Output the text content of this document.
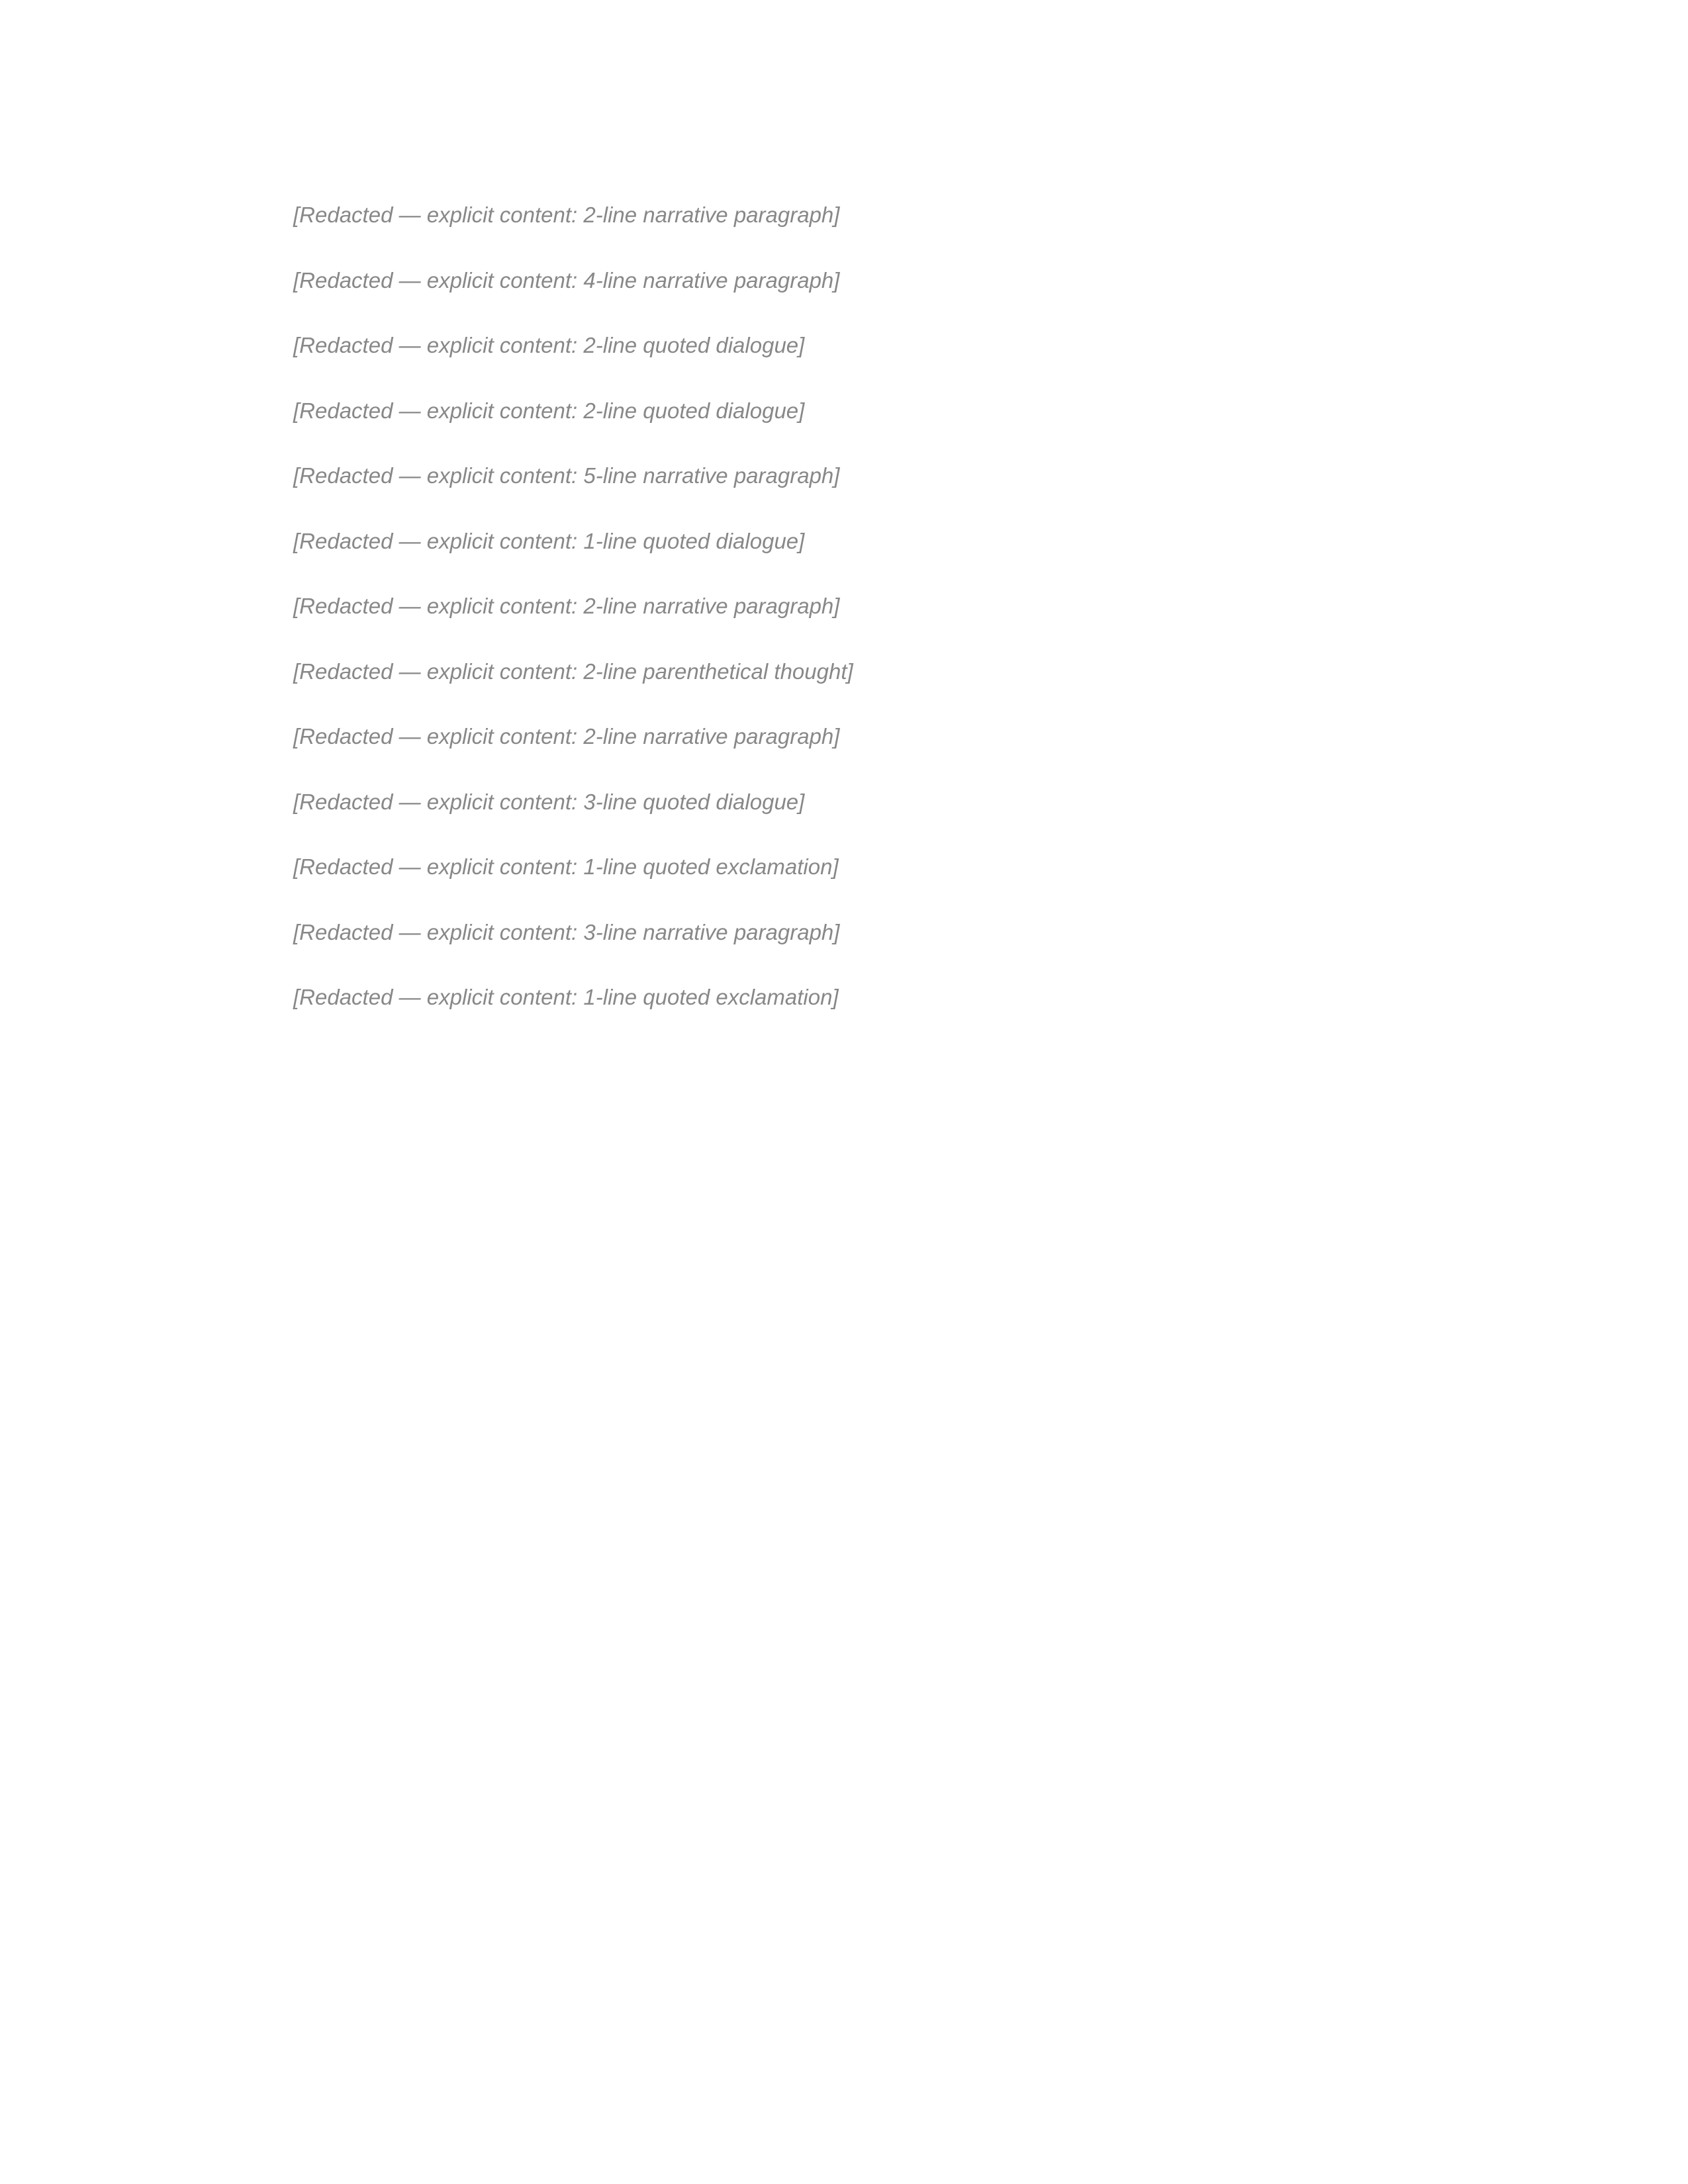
[Redacted — explicit content: 2-line narrative paragraph]

[Redacted — explicit content: 4-line narrative paragraph]

[Redacted — explicit content: 2-line quoted dialogue]

[Redacted — explicit content: 2-line quoted dialogue]

[Redacted — explicit content: 5-line narrative paragraph]

[Redacted — explicit content: 1-line quoted dialogue]

[Redacted — explicit content: 2-line narrative paragraph]

[Redacted — explicit content: 2-line parenthetical thought]

[Redacted — explicit content: 2-line narrative paragraph]

[Redacted — explicit content: 3-line quoted dialogue]

[Redacted — explicit content: 1-line quoted exclamation]

[Redacted — explicit content: 3-line narrative paragraph]

[Redacted — explicit content: 1-line quoted exclamation]
